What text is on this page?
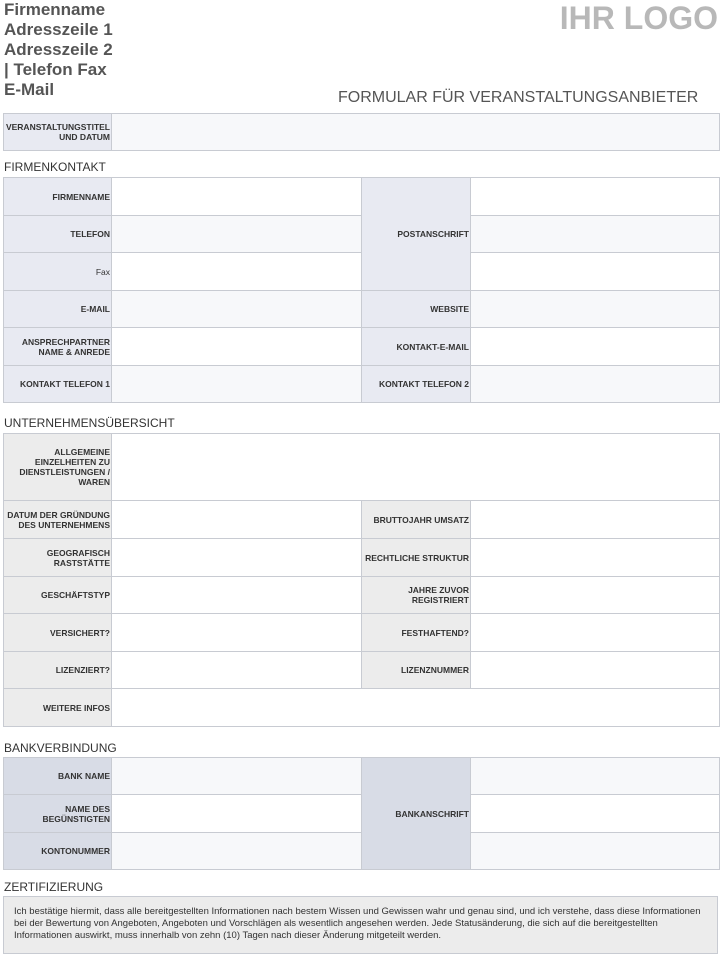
Firmenname
Adresszeile 1
Adresszeile 2
| Telefon Fax
E-Mail
IHR LOGO
FORMULAR FÜR VERANSTALTUNGSANBIETER
VERANSTALTUNGSTITEL UND DATUM	
FIRMENKONTAKT
FIRMENNAME		POSTANSCHRIFT	
TELEFON			
Fax			
E-MAIL		WEBSITE	
ANSPRECHPARTNER NAME & ANREDE		KONTAKT-E-MAIL	
KONTAKT TELEFON 1		KONTAKT TELEFON 2	
UNTERNEHMENSÜBERSICHT
ALLGEMEINE EINZELHEITEN ZU DIENSTLEISTUNGEN / WAREN			
DATUM DER GRÜNDUNG DES UNTERNEHMENS		BRUTTOJAHR UMSATZ	
GEOGRAFISCH RASTSTÄTTE		RECHTLICHE STRUKTUR	
GESCHÄFTSTYP		JAHRE ZUVOR REGISTRIERT	
VERSICHERT?		FESTHAFTEND?	
LIZENZIERT?		LIZENZNUMMER	
WEITERE INFOS			
BANKVERBINDUNG
BANK NAME		BANKANSCHRIFT	
NAME DES BEGÜNSTIGTEN			
KONTONUMMER			
ZERTIFIZIERUNG
Ich bestätige hiermit, dass alle bereitgestellten Informationen nach bestem Wissen und Gewissen wahr und genau sind, und ich verstehe, dass diese Informationen bei der Bewertung von Angeboten, Angeboten und Vorschlägen als wesentlich angesehen werden. Jede Statusänderung, die sich auf die bereitgestellten Informationen auswirkt, muss innerhalb von zehn (10) Tagen nach dieser Änderung mitgeteilt werden.
